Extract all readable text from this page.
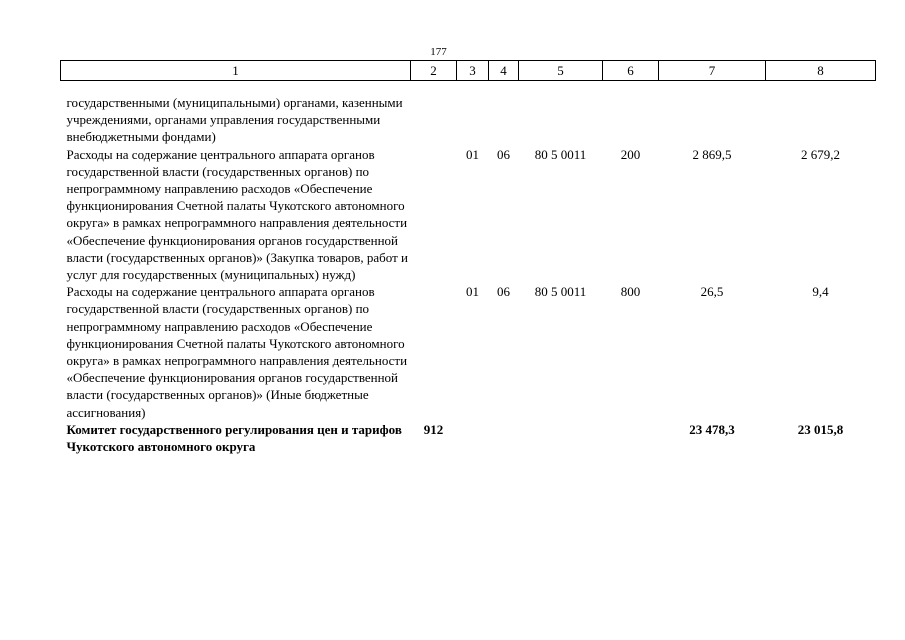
177
1	2	3	4	5	6	7	8

государственными (муниципальными) органами, казенными учреждениями, органами управления государственными внебюджетными фондами)							
Расходы на содержание центрального аппарата органов государственной власти (государственных органов) по непрограммному направлению расходов «Обеспечение функционирования Счетной палаты Чукотского автономного округа» в рамках непрограммного направления деятельности «Обеспечение функционирования органов государственной власти (государственных органов)» (Закупка товаров, работ и услуг для государственных (муниципальных) нужд)		01	06	80 5 0011	200	2 869,5	2 679,2
Расходы на содержание центрального аппарата органов государственной власти (государственных органов) по непрограммному направлению расходов «Обеспечение функционирования Счетной палаты Чукотского автономного округа» в рамках непрограммного направления деятельности «Обеспечение функционирования органов государственной власти (государственных органов)» (Иные бюджетные ассигнования)		01	06	80 5 0011	800	26,5	9,4
Комитет государственного регулирования цен и тарифов Чукотского автономного округа	912					23 478,3	23 015,8
